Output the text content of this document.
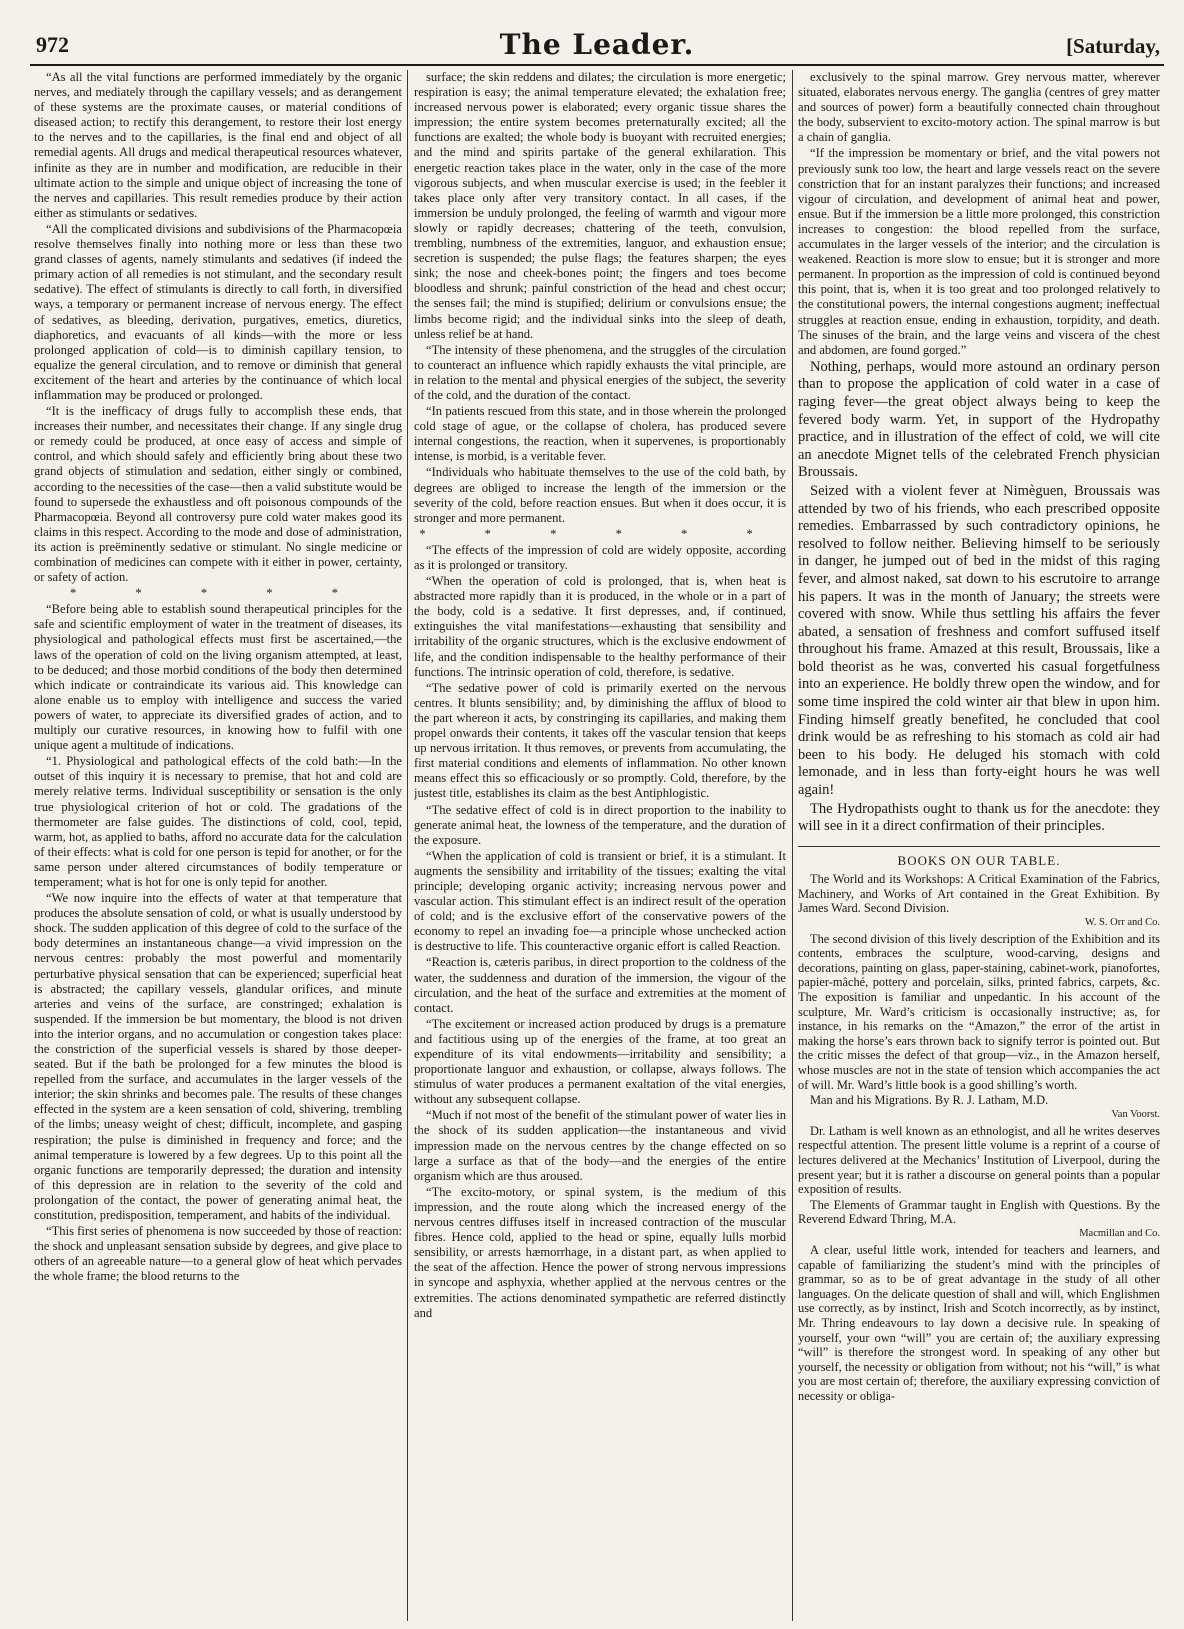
972	The Leader.	[Saturday,

“As all the vital functions are performed immediately by the organic nerves, and mediately through the capillary vessels; and as derangement of these systems are the proximate causes, or material conditions of diseased action; to rectify this derangement, to restore their lost energy to the nerves and to the capillaries, is the final end and object of all remedial agents. All drugs and medical therapeutical resources whatever, infinite as they are in number and modification, are reducible in their ultimate action to the simple and unique object of increasing the tone of the nerves and capillaries. This result remedies produce by their action either as stimulants or sedatives.

“All the complicated divisions and subdivisions of the Pharmacopœia resolve themselves finally into nothing more or less than these two grand classes of agents, namely stimulants and sedatives (if indeed the primary action of all remedies is not stimulant, and the secondary result sedative). The effect of stimulants is directly to call forth, in diversified ways, a temporary or permanent increase of nervous energy. The effect of sedatives, as bleeding, derivation, purgatives, emetics, diuretics, diaphoretics, and evacuants of all kinds—with the more or less prolonged application of cold—is to diminish capillary tension, to equalize the general circulation, and to remove or diminish that general excitement of the heart and arteries by the continuance of which local inflammation may be produced or prolonged.

“It is the inefficacy of drugs fully to accomplish these ends, that increases their number, and necessitates their change. If any single drug or remedy could be produced, at once easy of access and simple of control, and which should safely and efficiently bring about these two grand objects of stimulation and sedation, either singly or combined, according to the necessities of the case—then a valid substitute would be found to supersede the exhaustless and oft poisonous compounds of the Pharmacopœia. Beyond all controversy pure cold water makes good its claims in this respect. According to the mode and dose of administration, its action is preëminently sedative or stimulant. No single medicine or combination of medicines can compete with it either in power, certainty, or safety of action.

* * * * *

“Before being able to establish sound therapeutical principles for the safe and scientific employment of water in the treatment of diseases, its physiological and pathological effects must first be ascertained,—the laws of the operation of cold on the living organism attempted, at least, to be deduced; and those morbid conditions of the body then determined which indicate or contraindicate its various aid. This knowledge can alone enable us to employ with intelligence and success the varied powers of water, to appreciate its diversified grades of action, and to multiply our curative resources, in knowing how to fulfil with one unique agent a multitude of indications.

“1. Physiological and pathological effects of the cold bath:—In the outset of this inquiry it is necessary to premise, that hot and cold are merely relative terms. Individual susceptibility or sensation is the only true physiological criterion of hot or cold. The gradations of the thermometer are false guides. The distinctions of cold, cool, tepid, warm, hot, as applied to baths, afford no accurate data for the calculation of their effects: what is cold for one person is tepid for another, or for the same person under altered circumstances of bodily temperature or temperament; what is hot for one is only tepid for another.

“We now inquire into the effects of water at that temperature that produces the absolute sensation of cold, or what is usually understood by shock. The sudden application of this degree of cold to the surface of the body determines an instantaneous change—a vivid impression on the nervous centres: probably the most powerful and momentarily perturbative physical sensation that can be experienced; superficial heat is abstracted; the capillary vessels, glandular orifices, and minute arteries and veins of the surface, are constringed; exhalation is suspended. If the immersion be but momentary, the blood is not driven into the interior organs, and no accumulation or congestion takes place: the constriction of the superficial vessels is shared by those deeper-seated. But if the bath be prolonged for a few minutes the blood is repelled from the surface, and accumulates in the larger vessels of the interior; the skin shrinks and becomes pale. The results of these changes effected in the system are a keen sensation of cold, shivering, trembling of the limbs; uneasy weight of chest; difficult, incomplete, and gasping respiration; the pulse is diminished in frequency and force; and the animal temperature is lowered by a few degrees. Up to this point all the organic functions are temporarily depressed; the duration and intensity of this depression are in relation to the severity of the cold and prolongation of the contact, the power of generating animal heat, the constitution, predisposition, temperament, and habits of the individual.

“This first series of phenomena is now succeeded by those of reaction: the shock and unpleasant sensation subside by degrees, and give place to others of an agreeable nature—to a general glow of heat which pervades the whole frame; the blood returns to the

surface; the skin reddens and dilates; the circulation is more energetic; respiration is easy; the animal temperature elevated; the exhalation free; increased nervous power is elaborated; every organic tissue shares the impression; the entire system becomes preternaturally excited; all the functions are exalted; the whole body is buoyant with recruited energies; and the mind and spirits partake of the general exhilaration. This energetic reaction takes place in the water, only in the case of the more vigorous subjects, and when muscular exercise is used; in the feebler it takes place only after very transitory contact. In all cases, if the immersion be unduly prolonged, the feeling of warmth and vigour more slowly or rapidly decreases; chattering of the teeth, convulsion, trembling, numbness of the extremities, languor, and exhaustion ensue; secretion is suspended; the pulse flags; the features sharpen; the eyes sink; the nose and cheek-bones point; the fingers and toes become bloodless and shrunk; painful constriction of the head and chest occur; the senses fail; the mind is stupified; delirium or convulsions ensue; the limbs become rigid; and the individual sinks into the sleep of death, unless relief be at hand.

“The intensity of these phenomena, and the struggles of the circulation to counteract an influence which rapidly exhausts the vital principle, are in relation to the mental and physical energies of the subject, the severity of the cold, and the duration of the contact.

“In patients rescued from this state, and in those wherein the prolonged cold stage of ague, or the collapse of cholera, has produced severe internal congestions, the reaction, when it supervenes, is proportionably intense, is morbid, is a veritable fever.

“Individuals who habituate themselves to the use of the cold bath, by degrees are obliged to increase the length of the immersion or the severity of the cold, before reaction ensues. But when it does occur, it is stronger and more permanent.

* * * * * *

“The effects of the impression of cold are widely opposite, according as it is prolonged or transitory.

“When the operation of cold is prolonged, that is, when heat is abstracted more rapidly than it is produced, in the whole or in a part of the body, cold is a sedative. It first depresses, and, if continued, extinguishes the vital manifestations—exhausting that sensibility and irritability of the organic structures, which is the exclusive endowment of life, and the condition indispensable to the healthy performance of their functions. The intrinsic operation of cold, therefore, is sedative.

“The sedative power of cold is primarily exerted on the nervous centres. It blunts sensibility; and, by diminishing the afflux of blood to the part whereon it acts, by constringing its capillaries, and making them propel onwards their contents, it takes off the vascular tension that keeps up nervous irritation. It thus removes, or prevents from accumulating, the first material conditions and elements of inflammation. No other known means effect this so efficaciously or so promptly. Cold, therefore, by the justest title, establishes its claim as the best Antiphlogistic.

“The sedative effect of cold is in direct proportion to the inability to generate animal heat, the lowness of the temperature, and the duration of the exposure.

“When the application of cold is transient or brief, it is a stimulant. It augments the sensibility and irritability of the tissues; exalting the vital principle; developing organic activity; increasing nervous power and vascular action. This stimulant effect is an indirect result of the operation of cold; and is the exclusive effort of the conservative powers of the economy to repel an invading foe—a principle whose unchecked action is destructive to life. This counteractive organic effort is called Reaction.

“Reaction is, cæteris paribus, in direct proportion to the coldness of the water, the suddenness and duration of the immersion, the vigour of the circulation, and the heat of the surface and extremities at the moment of contact.

“The excitement or increased action produced by drugs is a premature and factitious using up of the energies of the frame, at too great an expenditure of its vital endowments—irritability and sensibility; a proportionate languor and exhaustion, or collapse, always follows. The stimulus of water produces a permanent exaltation of the vital energies, without any subsequent collapse.

“Much if not most of the benefit of the stimulant power of water lies in the shock of its sudden application—the instantaneous and vivid impression made on the nervous centres by the change effected on so large a surface as that of the body—and the energies of the entire organism which are thus aroused.

“The excito-motory, or spinal system, is the medium of this impression, and the route along which the increased energy of the nervous centres diffuses itself in increased contraction of the muscular fibres. Hence cold, applied to the head or spine, equally lulls morbid sensibility, or arrests hæmorrhage, in a distant part, as when applied to the seat of the affection. Hence the power of strong nervous impressions in syncope and asphyxia, whether applied at the nervous centres or the extremities. The actions denominated sympathetic are referred distinctly and

exclusively to the spinal marrow. Grey nervous matter, wherever situated, elaborates nervous energy. The ganglia (centres of grey matter and sources of power) form a beautifully connected chain throughout the body, subservient to excito-motory action. The spinal marrow is but a chain of ganglia.

“If the impression be momentary or brief, and the vital powers not previously sunk too low, the heart and large vessels react on the severe constriction that for an instant paralyzes their functions; and increased vigour of circulation, and development of animal heat and power, ensue. But if the immersion be a little more prolonged, this constriction increases to congestion: the blood repelled from the surface, accumulates in the larger vessels of the interior; and the circulation is weakened. Reaction is more slow to ensue; but it is stronger and more permanent. In proportion as the impression of cold is continued beyond this point, that is, when it is too great and too prolonged relatively to the constitutional powers, the internal congestions augment; ineffectual struggles at reaction ensue, ending in exhaustion, torpidity, and death. The sinuses of the brain, and the large veins and viscera of the chest and abdomen, are found gorged.”

Nothing, perhaps, would more astound an ordinary person than to propose the application of cold water in a case of raging fever—the great object always being to keep the fevered body warm. Yet, in support of the Hydropathy practice, and in illustration of the effect of cold, we will cite an anecdote Mignet tells of the celebrated French physician Broussais.

Seized with a violent fever at Nimèguen, Broussais was attended by two of his friends, who each prescribed opposite remedies. Embarrassed by such contradictory opinions, he resolved to follow neither. Believing himself to be seriously in danger, he jumped out of bed in the midst of this raging fever, and almost naked, sat down to his escrutoire to arrange his papers. It was in the month of January; the streets were covered with snow. While thus settling his affairs the fever abated, a sensation of freshness and comfort suffused itself throughout his frame. Amazed at this result, Broussais, like a bold theorist as he was, converted his casual forgetfulness into an experience. He boldly threw open the window, and for some time inspired the cold winter air that blew in upon him. Finding himself greatly benefited, he concluded that cool drink would be as refreshing to his stomach as cold air had been to his body. He deluged his stomach with cold lemonade, and in less than forty-eight hours he was well again!

The Hydropathists ought to thank us for the anecdote: they will see in it a direct confirmation of their principles.

BOOKS ON OUR TABLE.

The World and its Workshops: A Critical Examination of the Fabrics, Machinery, and Works of Art contained in the Great Exhibition. By James Ward. Second Division.

W. S. Orr and Co.

The second division of this lively description of the Exhibition and its contents, embraces the sculpture, wood-carving, designs and decorations, painting on glass, paper-staining, cabinet-work, pianofortes, papier-mâché, pottery and porcelain, silks, printed fabrics, carpets, &c. The exposition is familiar and unpedantic. In his account of the sculpture, Mr. Ward’s criticism is occasionally instructive; as, for instance, in his remarks on the “Amazon,” the error of the artist in making the horse’s ears thrown back to signify terror is pointed out. But the critic misses the defect of that group—viz., in the Amazon herself, whose muscles are not in the state of tension which accompanies the act of will. Mr. Ward’s little book is a good shilling’s worth.

Man and his Migrations. By R. J. Latham, M.D.

Van Voorst.

Dr. Latham is well known as an ethnologist, and all he writes deserves respectful attention. The present little volume is a reprint of a course of lectures delivered at the Mechanics’ Institution of Liverpool, during the present year; but it is rather a discourse on general points than a popular exposition of results.

The Elements of Grammar taught in English with Questions. By the Reverend Edward Thring, M.A.

Macmillan and Co.

A clear, useful little work, intended for teachers and learners, and capable of familiarizing the student’s mind with the principles of grammar, so as to be of great advantage in the study of all other languages. On the delicate question of shall and will, which Englishmen use correctly, as by instinct, Irish and Scotch incorrectly, as by instinct, Mr. Thring endeavours to lay down a decisive rule. In speaking of yourself, your own “will” you are certain of; the auxiliary expressing “will” is therefore the strongest word. In speaking of any other but yourself, the necessity or obligation from without; not his “will,” is what you are most certain of; therefore, the auxiliary expressing conviction of necessity or obliga-
